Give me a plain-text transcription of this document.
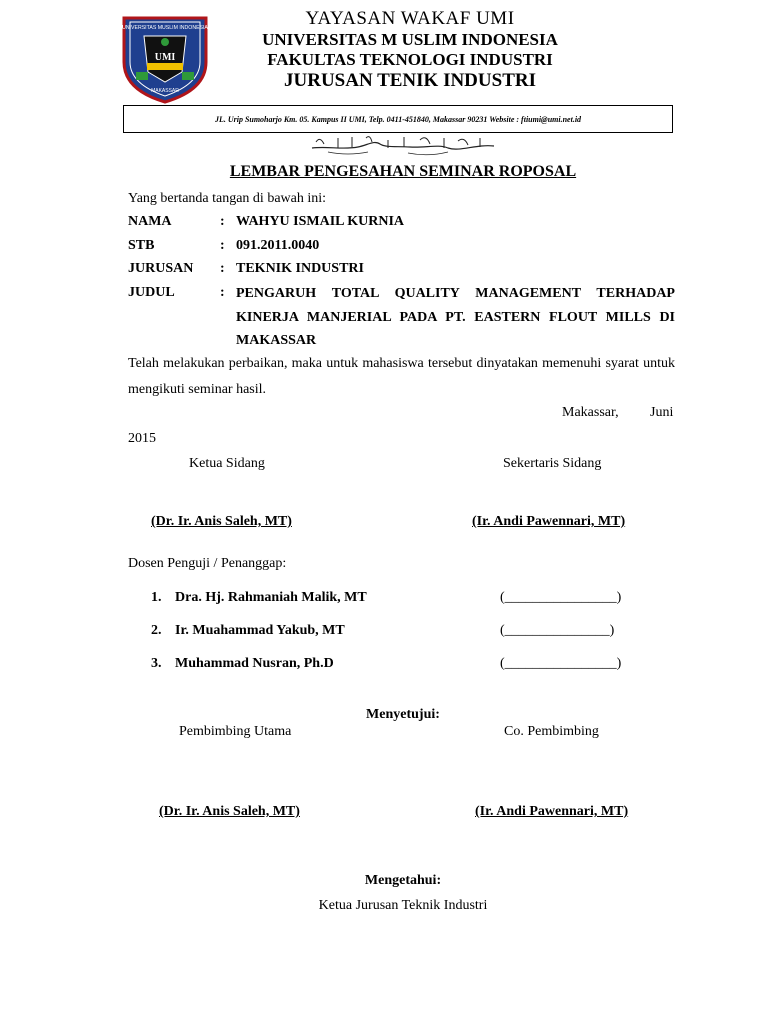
UNIVERSITAS MUSLIM INDONESIA
UMI
MAKASSAR
YAYASAN WAKAF UMI
UNIVERSITAS M USLIM INDONESIA
FAKULTAS TEKNOLOGI INDUSTRI
JURUSAN TENIK INDUSTRI
JL. Urip Sumoharjo Km. 05. Kampus II UMI, Telp. 0411-451840, Makassar 90231 Website : ftiumi@umi.net.id
LEMBAR PENGESAHAN SEMINAR ROPOSAL
Yang bertanda tangan di bawah ini:
NAMA	: WAHYU ISMAIL KURNIA
STB	: 091.2011.0040
JURUSAN : TEKNIK INDUSTRI
JUDUL	: PENGARUH TOTAL QUALITY MANAGEMENT TERHADAP KINERJA MANJERIAL PADA PT. EASTERN FLOUT MILLS DI MAKASSAR
Telah melakukan perbaikan, maka untuk mahasiswa tersebut dinyatakan memenuhi syarat untuk mengikuti seminar hasil.
Makassar, Juni
2015
Ketua Sidang	Sekertaris Sidang
(Dr. Ir. Anis Saleh, MT)	(Ir. Andi Pawennari, MT)
Dosen Penguji / Penanggap:
1. Dra. Hj. Rahmaniah Malik, MT	(________________)
2. Ir. Muahammad Yakub, MT	(_______________)
3. Muhammad Nusran, Ph.D	(________________)
Menyetujui:
Pembimbing Utama	Co. Pembimbing
(Dr. Ir. Anis Saleh, MT)	(Ir. Andi Pawennari, MT)
Mengetahui:
Ketua Jurusan Teknik Industri
